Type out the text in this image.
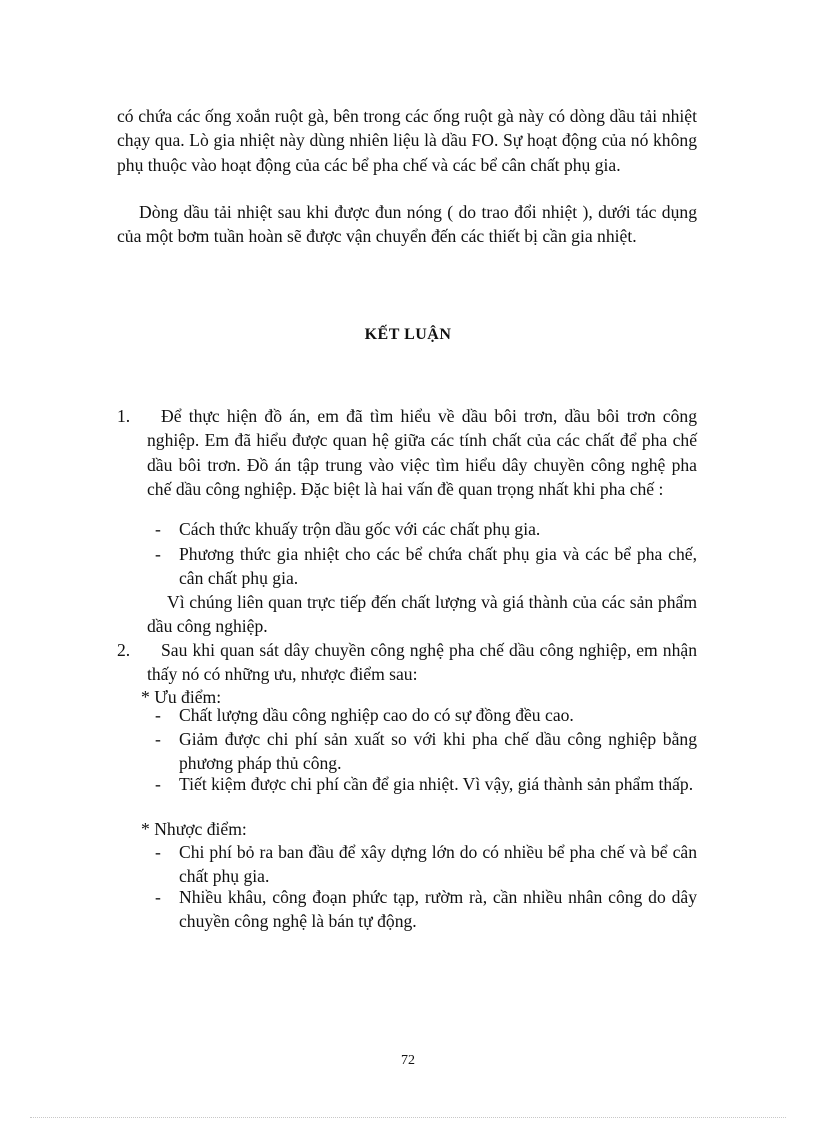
có chứa các ống xoắn ruột gà, bên trong các ống ruột gà này có dòng dầu tải nhiệt chạy qua. Lò gia nhiệt này dùng nhiên liệu là dầu FO. Sự hoạt động của nó không phụ thuộc vào hoạt động của các bể pha chế và các bể cân chất phụ gia.

Dòng dầu tải nhiệt sau khi được đun nóng ( do trao đổi nhiệt ), dưới tác dụng của một bơm tuần hoàn sẽ được vận chuyển đến các thiết bị cần gia nhiệt.

KẾT LUẬN
1.	Để thực hiện đồ án, em đã tìm hiểu về dầu bôi trơn, dầu bôi trơn công nghiệp. Em đã hiểu được quan hệ giữa các tính chất của các chất để pha chế dầu bôi trơn. Đồ án tập trung vào việc tìm hiểu dây chuyền công nghệ pha chế dầu công nghiệp. Đặc biệt là hai vấn đề quan trọng nhất khi pha chế :
-	Cách thức khuấy trộn dầu gốc với các chất phụ gia.
-	Phương thức gia nhiệt cho các bể chứa chất phụ gia và các bể pha chế, cân chất phụ gia.

Vì chúng liên quan trực tiếp đến chất lượng và giá thành của các sản phẩm dầu công nghiệp.

2.	Sau khi quan sát dây chuyền công nghệ pha chế dầu công nghiệp, em nhận thấy nó có những ưu, nhược điểm sau:

* Ưu điểm:

-	Chất lượng dầu công nghiệp cao do có sự đồng đều cao.
-	Giảm được chi phí sản xuất so với khi pha chế dầu công nghiệp bằng phương pháp thủ công.
-	Tiết kiệm được chi phí cần để gia nhiệt. Vì vậy, giá thành sản phẩm thấp.

* Nhược điểm:

-	Chi phí bỏ ra ban đầu để xây dựng lớn do có nhiều bể pha chế và bể cân chất phụ gia.
-	Nhiều khâu, công đoạn phức tạp, rườm rà, cần nhiều nhân công do dây chuyền công nghệ là bán tự động.
72
